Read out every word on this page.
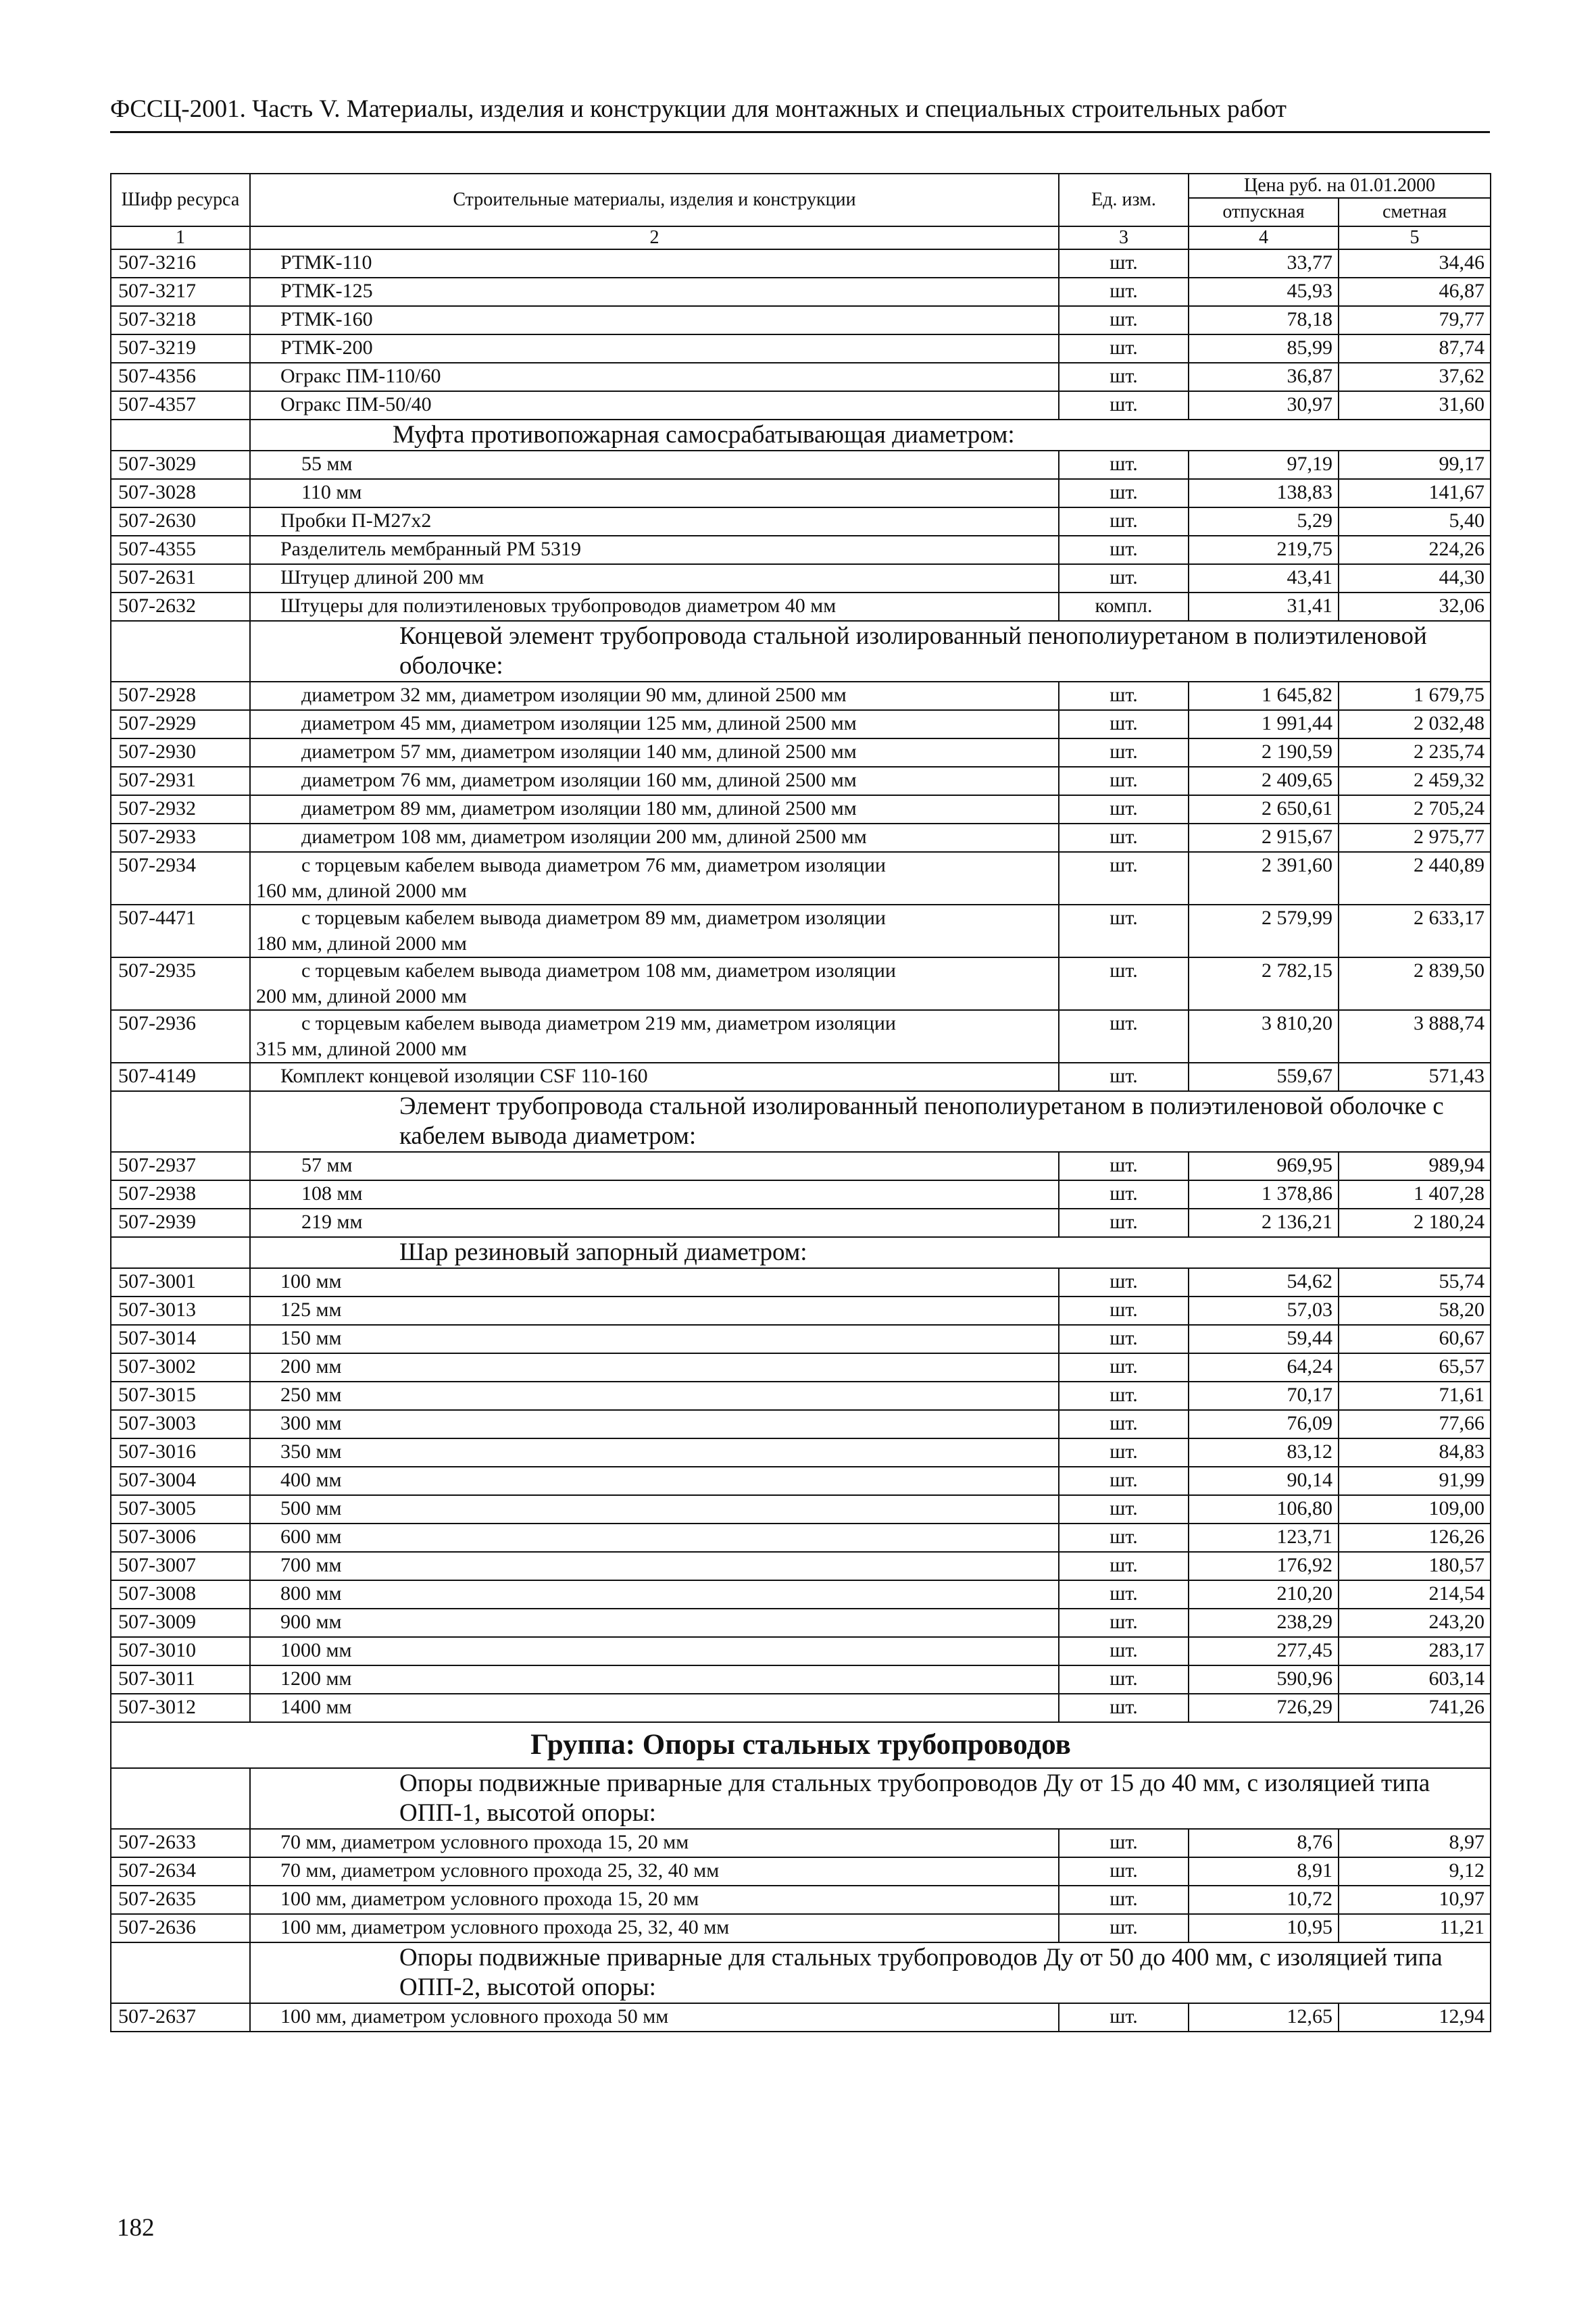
ФССЦ-2001. Часть V. Материалы, изделия и конструкции для монтажных и специальных строительных работ
Шифр ресурса	Строительные материалы, изделия и конструкции	Ед. изм.	Цена руб. на 01.01.2000	
			отпускная	сметная
1	2	3	4	5
507-3216	РТМК-110	шт.	33,77	34,46
507-3217	РТМК-125	шт.	45,93	46,87
507-3218	РТМК-160	шт.	78,18	79,77
507-3219	РТМК-200	шт.	85,99	87,74
507-4356	Огракс ПМ-110/60	шт.	36,87	37,62
507-4357	Огракс ПМ-50/40	шт.	30,97	31,60
	Муфта противопожарная самосрабатывающая диаметром:			
507-3029	55 мм	шт.	97,19	99,17
507-3028	110 мм	шт.	138,83	141,67
507-2630	Пробки П-М27х2	шт.	5,29	5,40
507-4355	Разделитель мембранный РМ 5319	шт.	219,75	224,26
507-2631	Штуцер длиной 200 мм	шт.	43,41	44,30
507-2632	Штуцеры для полиэтиленовых трубопроводов диаметром 40 мм	компл.	31,41	32,06
	Концевой элемент трубопровода стальной изолированный пенополиуретаном в полиэтиленовой оболочке:			
507-2928	диаметром 32 мм, диаметром изоляции 90 мм, длиной 2500 мм	шт.	1 645,82	1 679,75
507-2929	диаметром 45 мм, диаметром изоляции 125 мм, длиной 2500 мм	шт.	1 991,44	2 032,48
507-2930	диаметром 57 мм, диаметром изоляции 140 мм, длиной 2500 мм	шт.	2 190,59	2 235,74
507-2931	диаметром 76 мм, диаметром изоляции 160 мм, длиной 2500 мм	шт.	2 409,65	2 459,32
507-2932	диаметром 89 мм, диаметром изоляции 180 мм, длиной 2500 мм	шт.	2 650,61	2 705,24
507-2933	диаметром 108 мм, диаметром изоляции 200 мм, длиной 2500 мм	шт.	2 915,67	2 975,77
507-2934	с торцевым кабелем вывода диаметром 76 мм, диаметром изоляции
160 мм, длиной 2000 мм	шт.	2 391,60	2 440,89
507-4471	с торцевым кабелем вывода диаметром 89 мм, диаметром изоляции
180 мм, длиной 2000 мм	шт.	2 579,99	2 633,17
507-2935	с торцевым кабелем вывода диаметром 108 мм, диаметром изоляции
200 мм, длиной 2000 мм	шт.	2 782,15	2 839,50
507-2936	с торцевым кабелем вывода диаметром 219 мм, диаметром изоляции
315 мм, длиной 2000 мм	шт.	3 810,20	3 888,74
507-4149	Комплект концевой изоляции CSF 110-160	шт.	559,67	571,43
	Элемент трубопровода стальной изолированный пенополиуретаном в полиэтиленовой оболочке с кабелем вывода диаметром:			
507-2937	57 мм	шт.	969,95	989,94
507-2938	108 мм	шт.	1 378,86	1 407,28
507-2939	219 мм	шт.	2 136,21	2 180,24
	Шар резиновый запорный диаметром:			
507-3001	100 мм	шт.	54,62	55,74
507-3013	125 мм	шт.	57,03	58,20
507-3014	150 мм	шт.	59,44	60,67
507-3002	200 мм	шт.	64,24	65,57
507-3015	250 мм	шт.	70,17	71,61
507-3003	300 мм	шт.	76,09	77,66
507-3016	350 мм	шт.	83,12	84,83
507-3004	400 мм	шт.	90,14	91,99
507-3005	500 мм	шт.	106,80	109,00
507-3006	600 мм	шт.	123,71	126,26
507-3007	700 мм	шт.	176,92	180,57
507-3008	800 мм	шт.	210,20	214,54
507-3009	900 мм	шт.	238,29	243,20
507-3010	1000 мм	шт.	277,45	283,17
507-3011	1200 мм	шт.	590,96	603,14
507-3012	1400 мм	шт.	726,29	741,26
Группа: Опоры стальных трубопроводов				
	Опоры подвижные приварные для стальных трубопроводов Ду от 15 до 40 мм, с изоляцией типа ОПП-1, высотой опоры:			
507-2633	70 мм, диаметром условного прохода 15, 20 мм	шт.	8,76	8,97
507-2634	70 мм, диаметром условного прохода 25, 32, 40 мм	шт.	8,91	9,12
507-2635	100 мм, диаметром условного прохода 15, 20 мм	шт.	10,72	10,97
507-2636	100 мм, диаметром условного прохода 25, 32, 40 мм	шт.	10,95	11,21
	Опоры подвижные приварные для стальных трубопроводов Ду от 50 до 400 мм, с изоляцией типа ОПП-2, высотой опоры:			
507-2637	100 мм, диаметром условного прохода 50 мм	шт.	12,65	12,94
182
